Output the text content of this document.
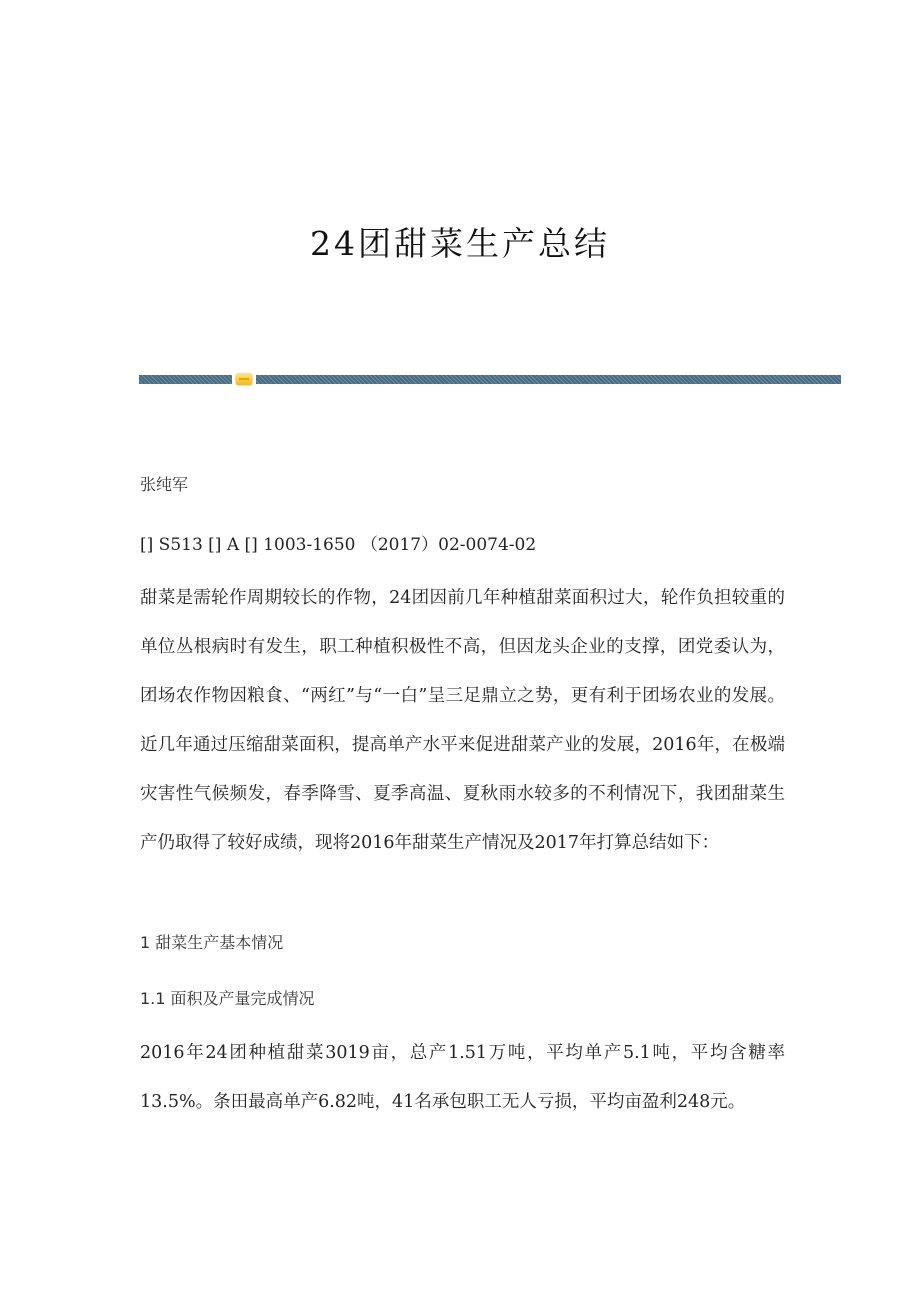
24团甜菜生产总结
张纯军
[] S513 [] A [] 1003-1650 （2017）02-0074-02

甜菜是需轮作周期较长的作物，24团因前几年种植甜菜面积过大，轮作负担较重的单位丛根病时有发生，职工种植积极性不高，但因龙头企业的支撑，团党委认为，团场农作物因粮食、“两红”与“一白”呈三足鼎立之势，更有利于团场农业的发展。近几年通过压缩甜菜面积，提高单产水平来促进甜菜产业的发展，2016年，在极端灾害性气候频发，春季降雪、夏季高温、夏秋雨水较多的不利情况下，我团甜菜生产仍取得了较好成绩，现将2016年甜菜生产情况及2017年打算总结如下：

1 甜菜生产基本情况
1.1 面积及产量完成情况

2016年24团种植甜菜3019亩，总产1.51万吨，平均单产5.1吨，平均含糖率13.5%。条田最高单产6.82吨，41名承包职工无人亏损，平均亩盈利248元。
